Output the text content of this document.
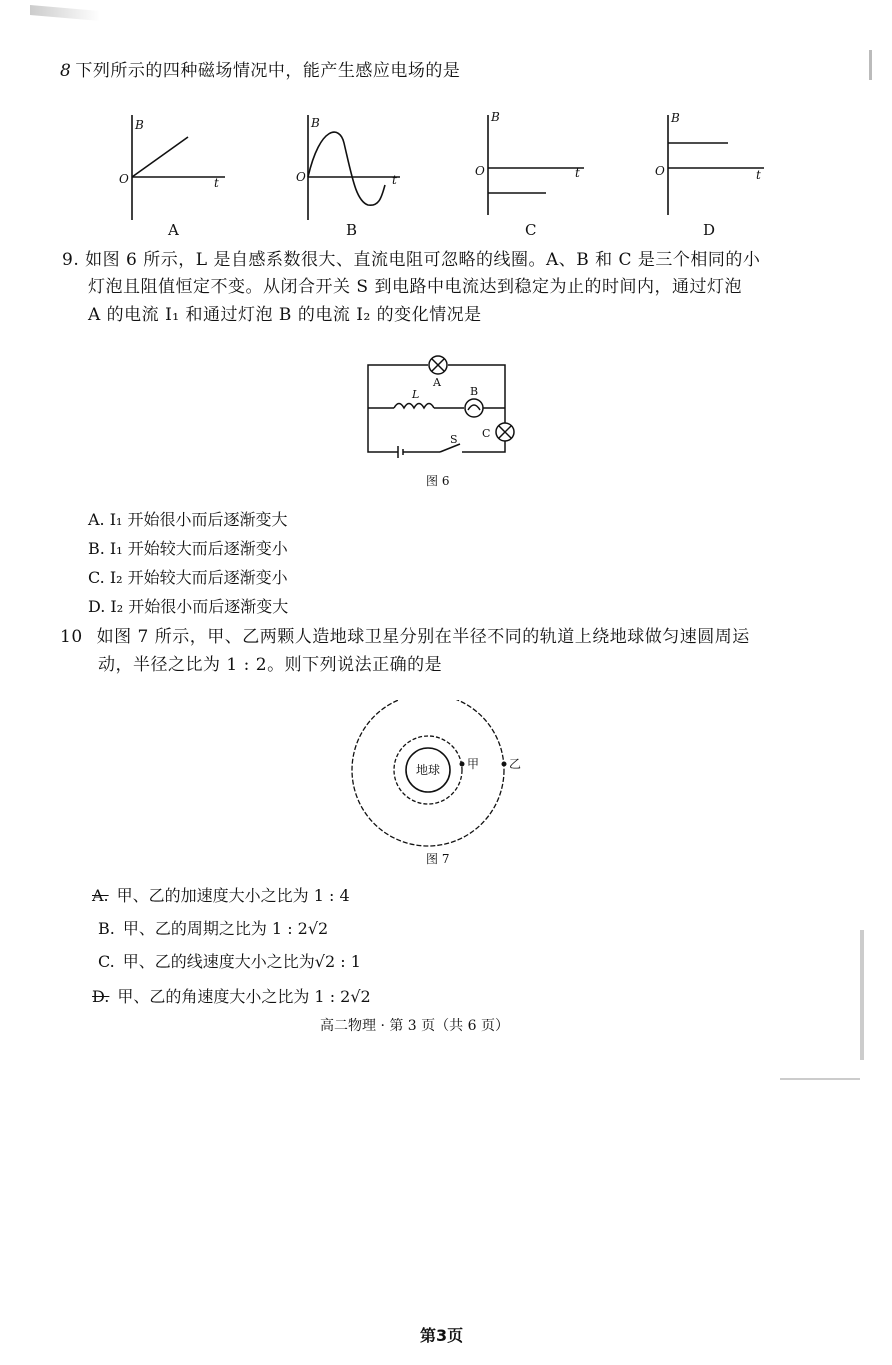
8 下列所示的四种磁场情况中，能产生感应电场的是
B
t
O
B
t
O
B
t
O
B
t
O
A	B	C	D
9. 如图 6 所示，L 是自感系数很大、直流电阻可忽略的线圈。A、B 和 C 是三个相同的小
灯泡且阻值恒定不变。从闭合开关 S 到电路中电流达到稳定为止的时间内，通过灯泡
A 的电流 I₁ 和通过灯泡 B 的电流 I₂ 的变化情况是
A
B
C
L
S
图 6
A. I₁ 开始很小而后逐渐变大
B. I₁ 开始较大而后逐渐变小
C. I₂ 开始较大而后逐渐变小
D. I₂ 开始很小而后逐渐变大
10 如图 7 所示，甲、乙两颗人造地球卫星分别在半径不同的轨道上绕地球做匀速圆周运
动，半径之比为 1 : 2。则下列说法正确的是
地球 甲 乙
图 7
A. 甲、乙的加速度大小之比为 1 : 4
B. 甲、乙的周期之比为 1 : 2√2
C. 甲、乙的线速度大小之比为√2 : 1
D. 甲、乙的角速度大小之比为 1 : 2√2
高二物理 · 第 3 页（共 6 页）
第3页
